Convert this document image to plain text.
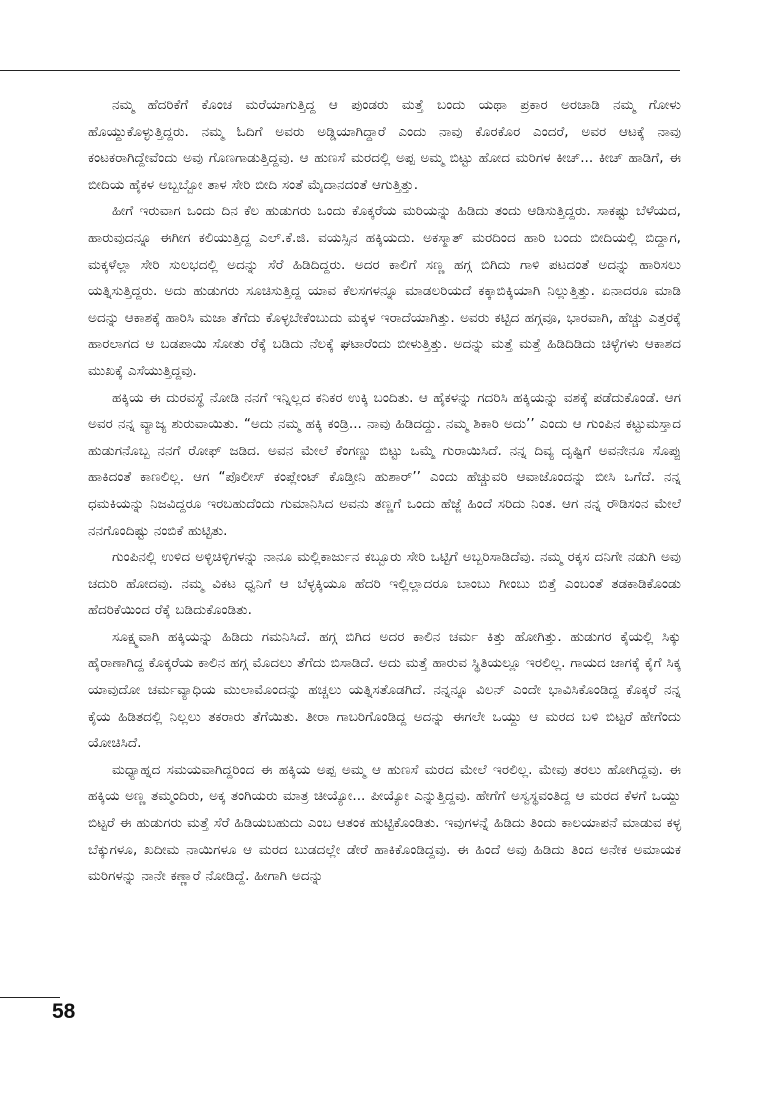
ನಮ್ಮ ಹೆದರಿಕೆಗೆ ಕೊಂಚ ಮರೆಯಾಗುತ್ತಿದ್ದ ಆ ಪುಂಡರು ಮತ್ತೆ ಬಂದು ಯಥಾ ಪ್ರಕಾರ ಅರಚಾಡಿ ನಮ್ಮ ಗೋಳು ಹೊಯ್ದುಕೊಳ್ಳುತ್ತಿದ್ದರು. ನಮ್ಮ ಓದಿಗೆ ಅವರು ಅಡ್ಡಿಯಾಗಿದ್ದಾರೆ ಎಂದು ನಾವು ಕೊರಕೊರ ಎಂದರೆ, ಅವರ ಆಟಕ್ಕೆ ನಾವು ಕಂಟಕರಾಗಿದ್ದೇವೆಂದು ಅವು ಗೊಣಗಾಡುತ್ತಿದ್ದವು. ಆ ಹುಣಸೆ ಮರದಲ್ಲಿ ಅಪ್ಪ ಅಮ್ಮ ಬಿಟ್ಟು ಹೋದ ಮರಿಗಳ ಕೀಚ್... ಕೀಚ್ ಹಾಡಿಗೆ, ಈ ಬೀದಿಯ ಹೈಕಳ ಅಬ್ಬಬ್ಬೋ ತಾಳ ಸೇರಿ ಬೀದಿ ಸಂತೆ ಮೈದಾನದಂತೆ ಆಗುತ್ತಿತ್ತು.

ಹೀಗೆ ಇರುವಾಗ ಒಂದು ದಿನ ಕೆಲ ಹುಡುಗರು ಒಂದು ಕೊಕ್ಕರೆಯ ಮರಿಯನ್ನು ಹಿಡಿದು ತಂದು ಆಡಿಸುತ್ತಿದ್ದರು. ಸಾಕಷ್ಟು ಬೆಳೆಯದ, ಹಾರುವುದನ್ನೂ ಈಗೀಗ ಕಲಿಯುತ್ತಿದ್ದ ಎಲ್.ಕೆ.ಜಿ. ವಯಸ್ಸಿನ ಹಕ್ಕಿಯದು. ಅಕಸ್ಮಾತ್ ಮರದಿಂದ ಹಾರಿ ಬಂದು ಬೀದಿಯಲ್ಲಿ ಬಿದ್ದಾಗ, ಮಕ್ಕಳೆಲ್ಲಾ ಸೇರಿ ಸುಲಭದಲ್ಲಿ ಅದನ್ನು ಸೆರೆ ಹಿಡಿದಿದ್ದರು. ಅದರ ಕಾಲಿಗೆ ಸಣ್ಣ ಹಗ್ಗ ಬಿಗಿದು ಗಾಳಿ ಪಟದಂತೆ ಅದನ್ನು ಹಾರಿಸಲು ಯತ್ನಿಸುತ್ತಿದ್ದರು. ಅದು ಹುಡುಗರು ಸೂಚಿಸುತ್ತಿದ್ದ ಯಾವ ಕೆಲಸಗಳನ್ನೂ ಮಾಡಲರಿಯದೆ ಕಕ್ಕಾಬಿಕ್ಕಿಯಾಗಿ ನಿಲ್ಲುತ್ತಿತ್ತು. ಏನಾದರೂ ಮಾಡಿ ಅದನ್ನು ಆಕಾಶಕ್ಕೆ ಹಾರಿಸಿ ಮಜಾ ತೆಗೆದು ಕೊಳ್ಳಬೇಕೆಂಬುದು ಮಕ್ಕಳ ಇರಾದೆಯಾಗಿತ್ತು. ಅವರು ಕಟ್ಟಿದ ಹಗ್ಗವೂ, ಭಾರವಾಗಿ, ಹೆಚ್ಚು ಎತ್ತರಕ್ಕೆ ಹಾರಲಾಗದ ಆ ಬಡಪಾಯಿ ಸೋತು ರೆಕ್ಕೆ ಬಡಿದು ನೆಲಕ್ಕೆ ಘಟಾರೆಂದು ಬೀಳುತ್ತಿತ್ತು. ಅದನ್ನು ಮತ್ತೆ ಮತ್ತೆ ಹಿಡಿದಿಡಿದು ಚಿಳ್ಳೆಗಳು ಆಕಾಶದ ಮುಖಕ್ಕೆ ಎಸೆಯುತ್ತಿದ್ದವು.

ಹಕ್ಕಿಯ ಈ ದುರವಸ್ಥೆ ನೋಡಿ ನನಗೆ ಇನ್ನಿಲ್ಲದ ಕನಿಕರ ಉಕ್ಕಿ ಬಂದಿತು. ಆ ಹೈಕಳನ್ನು ಗದರಿಸಿ ಹಕ್ಕಿಯನ್ನು ವಶಕ್ಕೆ ಪಡೆದುಕೊಂಡೆ. ಆಗ ಅವರ ನನ್ನ ವ್ಯಾಜ್ಯ ಶುರುವಾಯಿತು. “ಅದು ನಮ್ಮ ಹಕ್ಕಿ ಕಂಡ್ರಿ... ನಾವು ಹಿಡಿದದ್ದು. ನಮ್ಮ ಶಿಕಾರಿ ಅದು’’ ಎಂದು ಆ ಗುಂಪಿನ ಕಟ್ಟುಮಸ್ತಾದ ಹುಡುಗನೊಬ್ಬ ನನಗೆ ರೋಫ್ ಜಡಿದ. ಅವನ ಮೇಲೆ ಕೆಂಗಣ್ಣು ಬಿಟ್ಟು ಒಮ್ಮೆ ಗುರಾಯಿಸಿದೆ. ನನ್ನ ದಿವ್ಯ ದೃಷ್ಟಿಗೆ ಅವನೇನೂ ಸೊಪ್ಪು ಹಾಕಿದಂತೆ ಕಾಣಲಿಲ್ಲ. ಆಗ “ಪೊಲೀಸ್ ಕಂಪ್ಲೇಂಟ್ ಕೊಡ್ತೀನಿ ಹುಶಾರ್’’ ಎಂದು ಹೆಚ್ಚುವರಿ ಆವಾಜೊಂದನ್ನು ಬೀಸಿ ಒಗೆದೆ. ನನ್ನ ಧಮಕಿಯನ್ನು ನಿಜವಿದ್ದರೂ ಇರಬಹುದೆಂದು ಗುಮಾನಿಸಿದ ಅವನು ತಣ್ಣಗೆ ಒಂದು ಹೆಜ್ಜೆ ಹಿಂದೆ ಸರಿದು ನಿಂತ. ಆಗ ನನ್ನ ರೌಡಿಸಂನ ಮೇಲೆ ನನಗೊಂದಿಷ್ಟು ನಂಬಿಕೆ ಹುಟ್ಟಿತು.

ಗುಂಪಿನಲ್ಲಿ ಉಳಿದ ಅಳ್ಳಿಚಿಳ್ಳಿಗಳನ್ನು ನಾನೂ ಮಲ್ಲಿಕಾರ್ಜುನ ಕಬ್ಬೂರು ಸೇರಿ ಒಟ್ಟಿಗೆ ಅಬ್ಬರಿಸಾಡಿದೆವು. ನಮ್ಮ ರಕ್ಕಸ ದನಿಗೇ ನಡುಗಿ ಅವು ಚದುರಿ ಹೋದವು. ನಮ್ಮ ವಿಕಟ ಧ್ವನಿಗೆ ಆ ಬೆಳ್ಳಕ್ಕಿಯೂ ಹೆದರಿ ಇಲ್ಲಿಲ್ಲಾದರೂ ಬಾಂಬು ಗೀಂಬು ಬಿತ್ತೆ ಎಂಬಂತೆ ತಡಕಾಡಿಕೊಂಡು ಹೆದರಿಕೆಯಿಂದ ರೆಕ್ಕೆ ಬಡಿದುಕೊಂಡಿತು.

ಸೂಕ್ಷ್ಮವಾಗಿ ಹಕ್ಕಿಯನ್ನು ಹಿಡಿದು ಗಮನಿಸಿದೆ. ಹಗ್ಗ ಬಿಗಿದ ಅದರ ಕಾಲಿನ ಚರ್ಮ ಕಿತ್ತು ಹೋಗಿತ್ತು. ಹುಡುಗರ ಕೈಯಲ್ಲಿ ಸಿಕ್ಕು ಹೈರಾಣಾಗಿದ್ದ ಕೊಕ್ಕರೆಯ ಕಾಲಿನ ಹಗ್ಗ ಮೊದಲು ತೆಗೆದು ಬಿಸಾಡಿದೆ. ಅದು ಮತ್ತೆ ಹಾರುವ ಸ್ಥಿತಿಯಲ್ಲೂ ಇರಲಿಲ್ಲ. ಗಾಯದ ಜಾಗಕ್ಕೆ ಕೈಗೆ ಸಿಕ್ಕ ಯಾವುದೋ ಚರ್ಮವ್ಯಾಧಿಯ ಮುಲಾಮೊಂದನ್ನು ಹಚ್ಚಲು ಯತ್ನಿಸತೊಡಗಿದೆ. ನನ್ನನ್ನೂ ವಿಲನ್ ಎಂದೇ ಭಾವಿಸಿಕೊಂಡಿದ್ದ ಕೊಕ್ಕರೆ ನನ್ನ ಕೈಯ ಹಿಡಿತದಲ್ಲಿ ನಿಲ್ಲಲು ತಕರಾರು ತೆಗೆಯಿತು. ತೀರಾ ಗಾಬರಿಗೊಂಡಿದ್ದ ಅದನ್ನು ಈಗಲೇ ಒಯ್ದು ಆ ಮರದ ಬಳಿ ಬಿಟ್ಟರೆ ಹೇಗೆಂದು ಯೋಚಿಸಿದೆ.

ಮಧ್ಯಾಹ್ನದ ಸಮಯವಾಗಿದ್ದರಿಂದ ಈ ಹಕ್ಕಿಯ ಅಪ್ಪ ಅಮ್ಮ ಆ ಹುಣಸೆ ಮರದ ಮೇಲೆ ಇರಲಿಲ್ಲ. ಮೇವು ತರಲು ಹೋಗಿದ್ದವು. ಈ ಹಕ್ಕಿಯ ಅಣ್ಣ ತಮ್ಮಂದಿರು, ಅಕ್ಕ ತಂಗಿಯರು ಮಾತ್ರ ಚೀಯ್ಯೋ... ಪೀಯ್ಯೋ ಎನ್ನುತ್ತಿದ್ದವು. ಹೇಗೆಗೆ ಅಸ್ವಸ್ಥವಂತಿದ್ದ ಆ ಮರದ ಕೆಳಗೆ ಒಯ್ದು ಬಿಟ್ಟರೆ ಈ ಹುಡುಗರು ಮತ್ತೆ ಸೆರೆ ಹಿಡಿಯಬಹುದು ಎಂಬ ಆತಂಕ ಹುಟ್ಟಿಕೊಂಡಿತು. ಇವುಗಳನ್ನೆ ಹಿಡಿದು ತಿಂದು ಕಾಲಯಾಪನೆ ಮಾಡುವ ಕಳ್ಳ ಬೆಕ್ಕುಗಳೂ, ಖದೀಮ ನಾಯಿಗಳೂ ಆ ಮರದ ಬುಡದಲ್ಲೇ ಡೇರೆ ಹಾಕಿಕೊಂಡಿದ್ದವು. ಈ ಹಿಂದೆ ಅವು ಹಿಡಿದು ತಿಂದ ಅನೇಕ ಅಮಾಯಕ ಮರಿಗಳನ್ನು ನಾನೇ ಕಣ್ಣಾರೆ ನೋಡಿದ್ದೆ. ಹೀಗಾಗಿ ಅದನ್ನು

58
